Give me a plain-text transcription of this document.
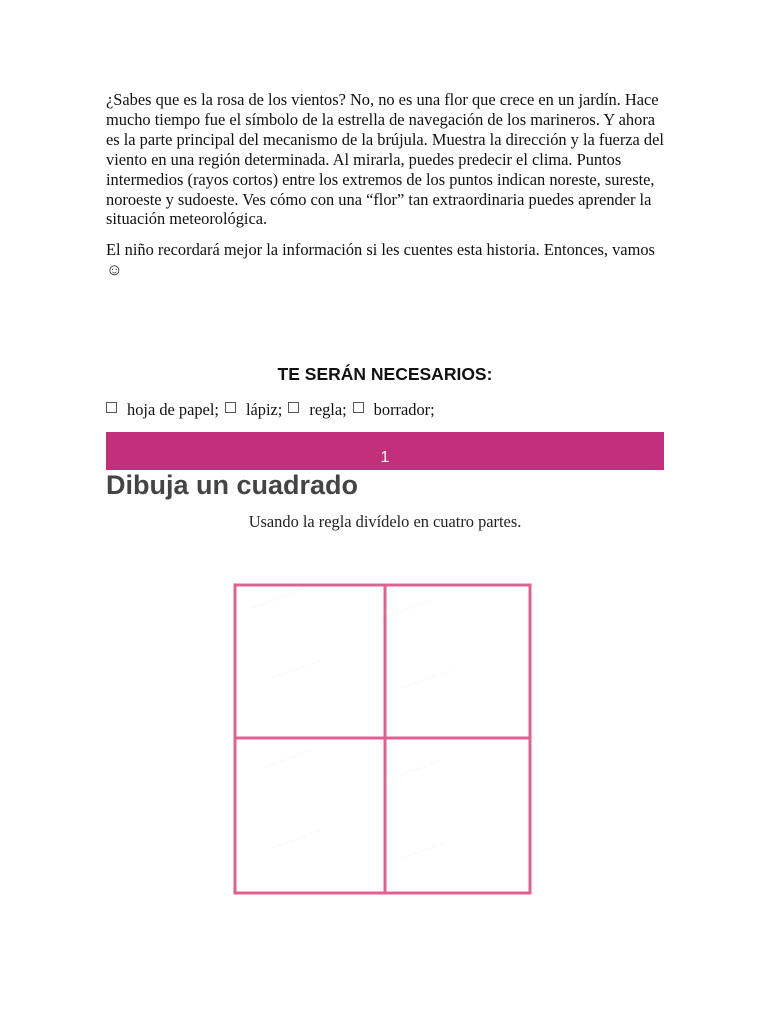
¿Sabes que es la rosa de los vientos? No, no es una flor que crece en un jardín. Hace mucho tiempo fue el símbolo de la estrella de navegación de los marineros. Y ahora es la parte principal del mecanismo de la brújula. Muestra la dirección y la fuerza del viento en una región determinada. Al mirarla, puedes predecir el clima. Puntos intermedios (rayos cortos) entre los extremos de los puntos indican noreste, sureste, noroeste y sudoeste. Ves cómo con una “flor” tan extraordinaria puedes aprender la situación meteorológica.

El niño recordará mejor la información si les cuentes esta historia. Entonces, vamos ☺

TE SERÁN NECESARIOS:
hoja de papel; lápiz; regla; borrador;
1
Dibuja un cuadrado

Usando la regla divídelo en cuatro partes.

~~~ ~~~ ~~	~~~ ~~~ ~~
~~~ ~~~ ~~	~~~ ~~~ ~~
~~~ ~~~ ~~	~~~ ~~~ ~~
~~~ ~~~ ~~	~~~ ~~~ ~~
